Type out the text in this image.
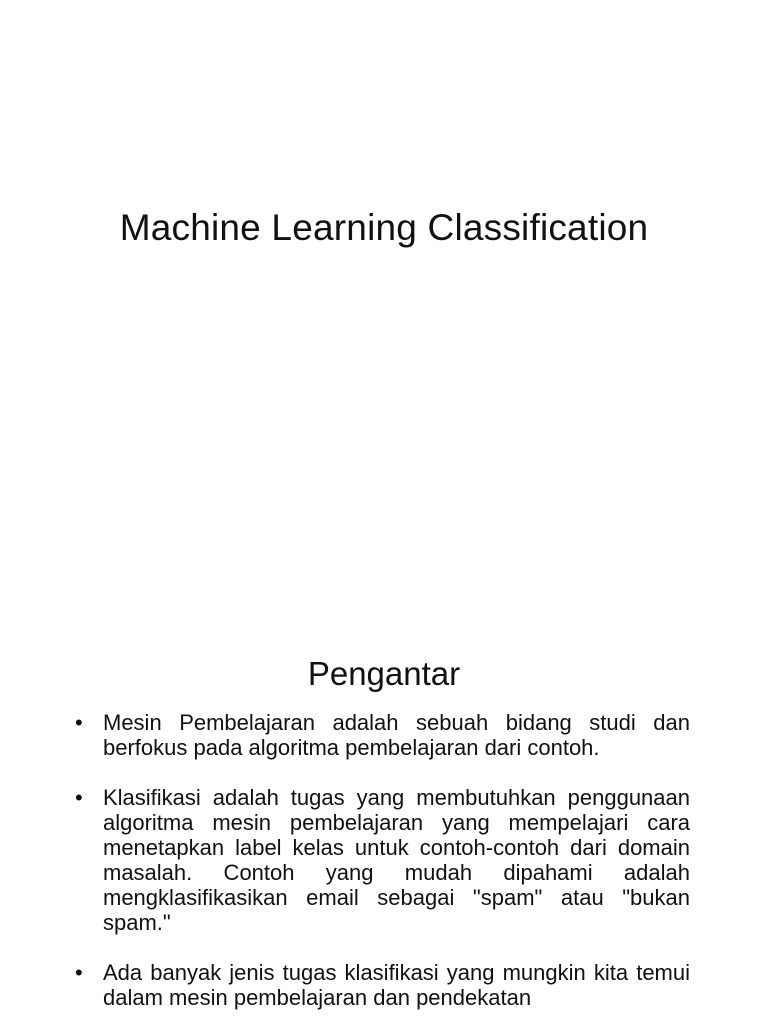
Machine Learning Classification
Pengantar
• Mesin Pembelajaran adalah sebuah bidang studi dan berfokus pada algoritma pembelajaran dari contoh.
• Klasifikasi adalah tugas yang membutuhkan penggunaan algoritma mesin pembelajaran yang mempelajari cara menetapkan label kelas untuk contoh-contoh dari domain masalah. Contoh yang mudah dipahami adalah mengklasifikasikan email sebagai "spam" atau "bukan spam."
• Ada banyak jenis tugas klasifikasi yang mungkin kita temui dalam mesin pembelajaran dan pendekatan
